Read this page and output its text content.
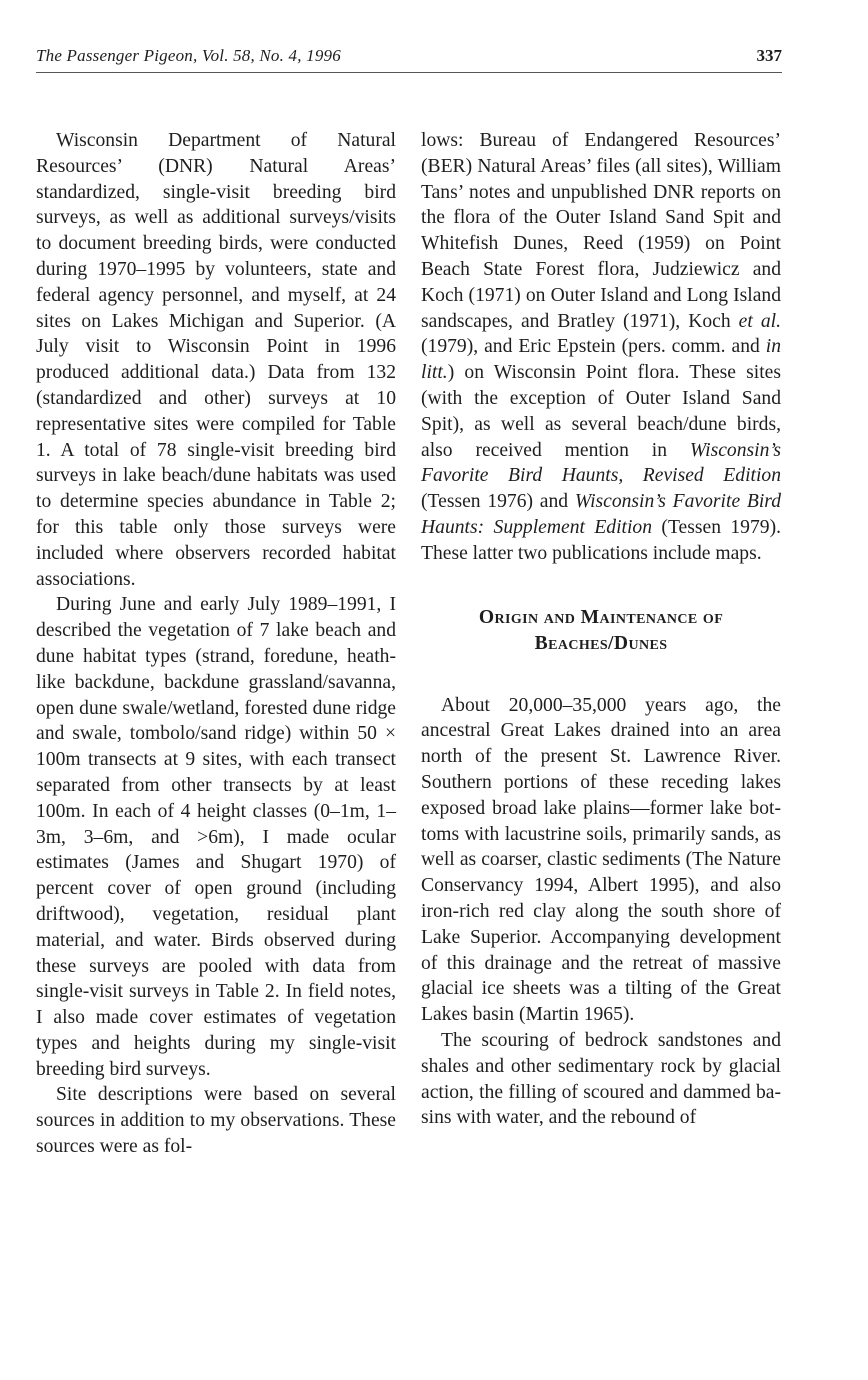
The Passenger Pigeon, Vol. 58, No. 4, 1996	337

Wisconsin Department of Natural Resources’ (DNR) Natural Areas’ standardized, single-visit breeding bird surveys, as well as additional surveys/visits to document breeding birds, were conducted during 1970–1995 by volunteers, state and federal agency personnel, and myself, at 24 sites on Lakes Michigan and Superior. (A July visit to Wisconsin Point in 1996 produced additional data.) Data from 132 (standardized and other) surveys at 10 representative sites were compiled for Table 1. A total of 78 single-visit breeding bird surveys in lake beach/dune habitats was used to determine species abundance in Table 2; for this table only those surveys were included where observers recorded habitat associations.

During June and early July 1989–1991, I described the vegetation of 7 lake beach and dune habitat types (strand, foredune, heath-like backdune, backdune grassland/savanna, open dune swale/wetland, forested dune ridge and swale, tombolo/sand ridge) within 50 × 100m transects at 9 sites, with each transect separated from other transects by at least 100m. In each of 4 height classes (0–1m, 1–3m, 3–6m, and >6m), I made ocular estimates (James and Shugart 1970) of percent cover of open ground (including driftwood), vegetation, residual plant material, and water. Birds observed during these surveys are pooled with data from single-visit surveys in Table 2. In field notes, I also made cover estimates of vegetation types and heights during my single-visit breeding bird surveys.

Site descriptions were based on several sources in addition to my observations. These sources were as fol-

lows: Bureau of Endangered Resources’ (BER) Natural Areas’ files (all sites), William Tans’ notes and unpublished DNR reports on the flora of the Outer Island Sand Spit and Whitefish Dunes, Reed (1959) on Point Beach State Forest flora, Judziewicz and Koch (1971) on Outer Island and Long Island sandscapes, and Bratley (1971), Koch et al. (1979), and Eric Epstein (pers. comm. and in litt.) on Wisconsin Point flora. These sites (with the exception of Outer Island Sand Spit), as well as several beach/dune birds, also received mention in Wisconsin’s Favorite Bird Haunts, Revised Edition (Tessen 1976) and Wisconsin’s Favorite Bird Haunts: Supplement Edition (Tessen 1979). These latter two publications include maps.

Origin and Maintenance of
Beaches/Dunes

About 20,000–35,000 years ago, the ancestral Great Lakes drained into an area north of the present St. Lawrence River. Southern portions of these receding lakes exposed broad lake plains—former lake bottoms with lacustrine soils, primarily sands, as well as coarser, clastic sediments (The Nature Conservancy 1994, Albert 1995), and also iron-rich red clay along the south shore of Lake Superior. Accompanying development of this drainage and the retreat of massive glacial ice sheets was a tilting of the Great Lakes basin (Martin 1965).

The scouring of bedrock sandstones and shales and other sedimentary rock by glacial action, the filling of scoured and dammed basins with water, and the rebound of
